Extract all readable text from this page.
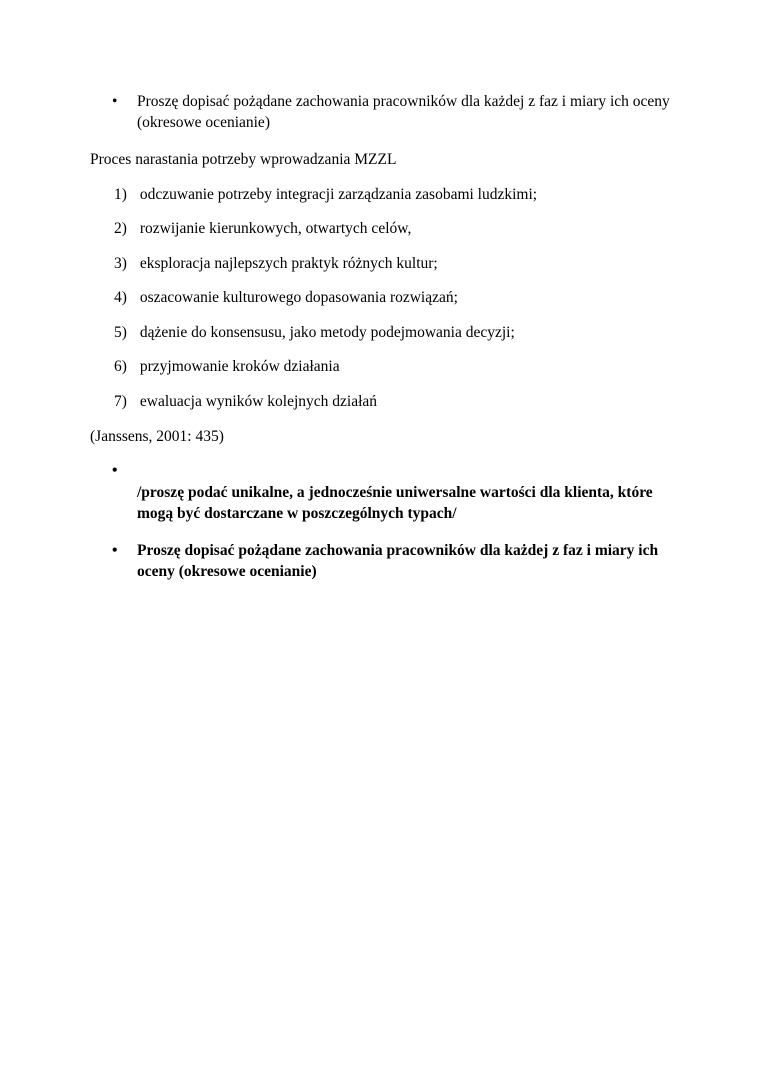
• Proszę dopisać pożądane zachowania pracowników dla każdej z faz i miary ich oceny (okresowe ocenianie)
Proces narastania potrzeby wprowadzania MZZL
1) odczuwanie potrzeby integracji zarządzania zasobami ludzkimi;
2) rozwijanie kierunkowych, otwartych celów,
3) eksploracja najlepszych praktyk różnych kultur;
4) oszacowanie kulturowego dopasowania rozwiązań;
5) dążenie do konsensusu, jako metody podejmowania decyzji;
6) przyjmowanie kroków działania
7) ewaluacja wyników kolejnych działań
(Janssens, 2001: 435)
•
/proszę podać unikalne, a jednocześnie uniwersalne wartości dla klienta, które mogą być dostarczane w poszczególnych typach/
• Proszę dopisać pożądane zachowania pracowników dla każdej z faz i miary ich oceny (okresowe ocenianie)
